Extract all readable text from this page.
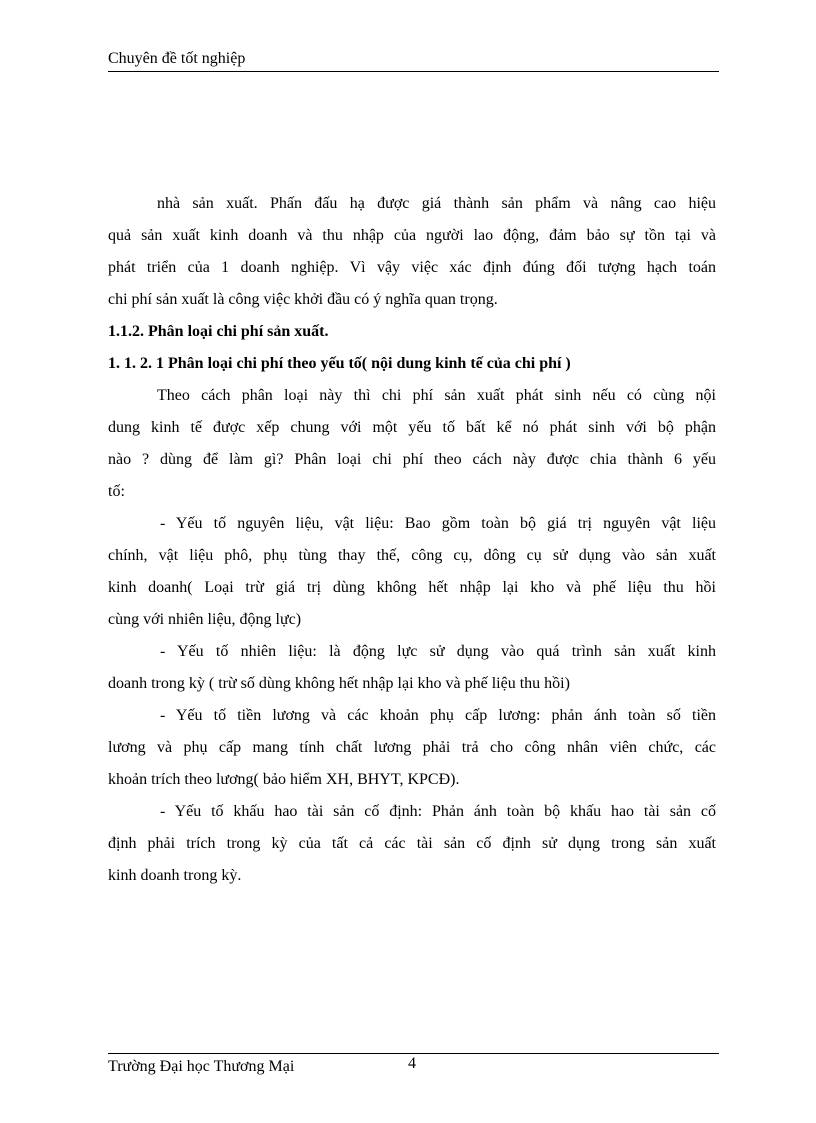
Chuyên đề tốt nghiệp
nhà sản xuất. Phấn đấu hạ được giá thành sản phẩm và nâng cao hiệu
quả sản xuất kinh doanh và thu nhập của người lao động, đảm bảo sự tồn tại và
phát triển của 1 doanh nghiệp. Vì vậy việc xác định đúng đối tượng hạch toán
chi phí sản xuất là công việc khởi đầu có ý nghĩa quan trọng.
1.1.2. Phân loại chi phí sản xuất.
1. 1. 2. 1 Phân loại chi phí theo yếu tố( nội dung kinh tế của chi phí )
Theo cách phân loại này thì chi phí sản xuất phát sinh nếu có cùng nội
dung kinh tế được xếp chung với một yếu tố bất kể nó phát sinh với bộ phận
nào ? dùng để làm gì? Phân loại chi phí theo cách này được chia thành 6 yếu
tố:
- Yếu tố nguyên liệu, vật liệu: Bao gồm toàn bộ giá trị nguyên vật liệu
chính, vật liệu phô, phụ tùng thay thế, công cụ, dông cụ sử dụng vào sản xuất
kinh doanh( Loại trừ giá trị dùng không hết nhập lại kho và phế liệu thu hồi
cùng với nhiên liệu, động lực)
- Yếu tố nhiên liệu: là động lực sử dụng vào quá trình sản xuất kinh
doanh trong kỳ ( trừ số dùng không hết nhập lại kho và phế liệu thu hồi)
- Yếu tố tiền lương và các khoản phụ cấp lương: phản ánh toàn số tiền
lương và phụ cấp mang tính chất lương phải trả cho công nhân viên chức, các
khoản trích theo lương( bảo hiểm XH, BHYT, KPCĐ).
- Yếu tố khấu hao tài sản cố định: Phản ánh toàn bộ khấu hao tài sản cố
định phải trích trong kỳ của tất cả các tài sản cố định sử dụng trong sản xuất
kinh doanh trong kỳ.
Trường Đại học Thương Mại	4
